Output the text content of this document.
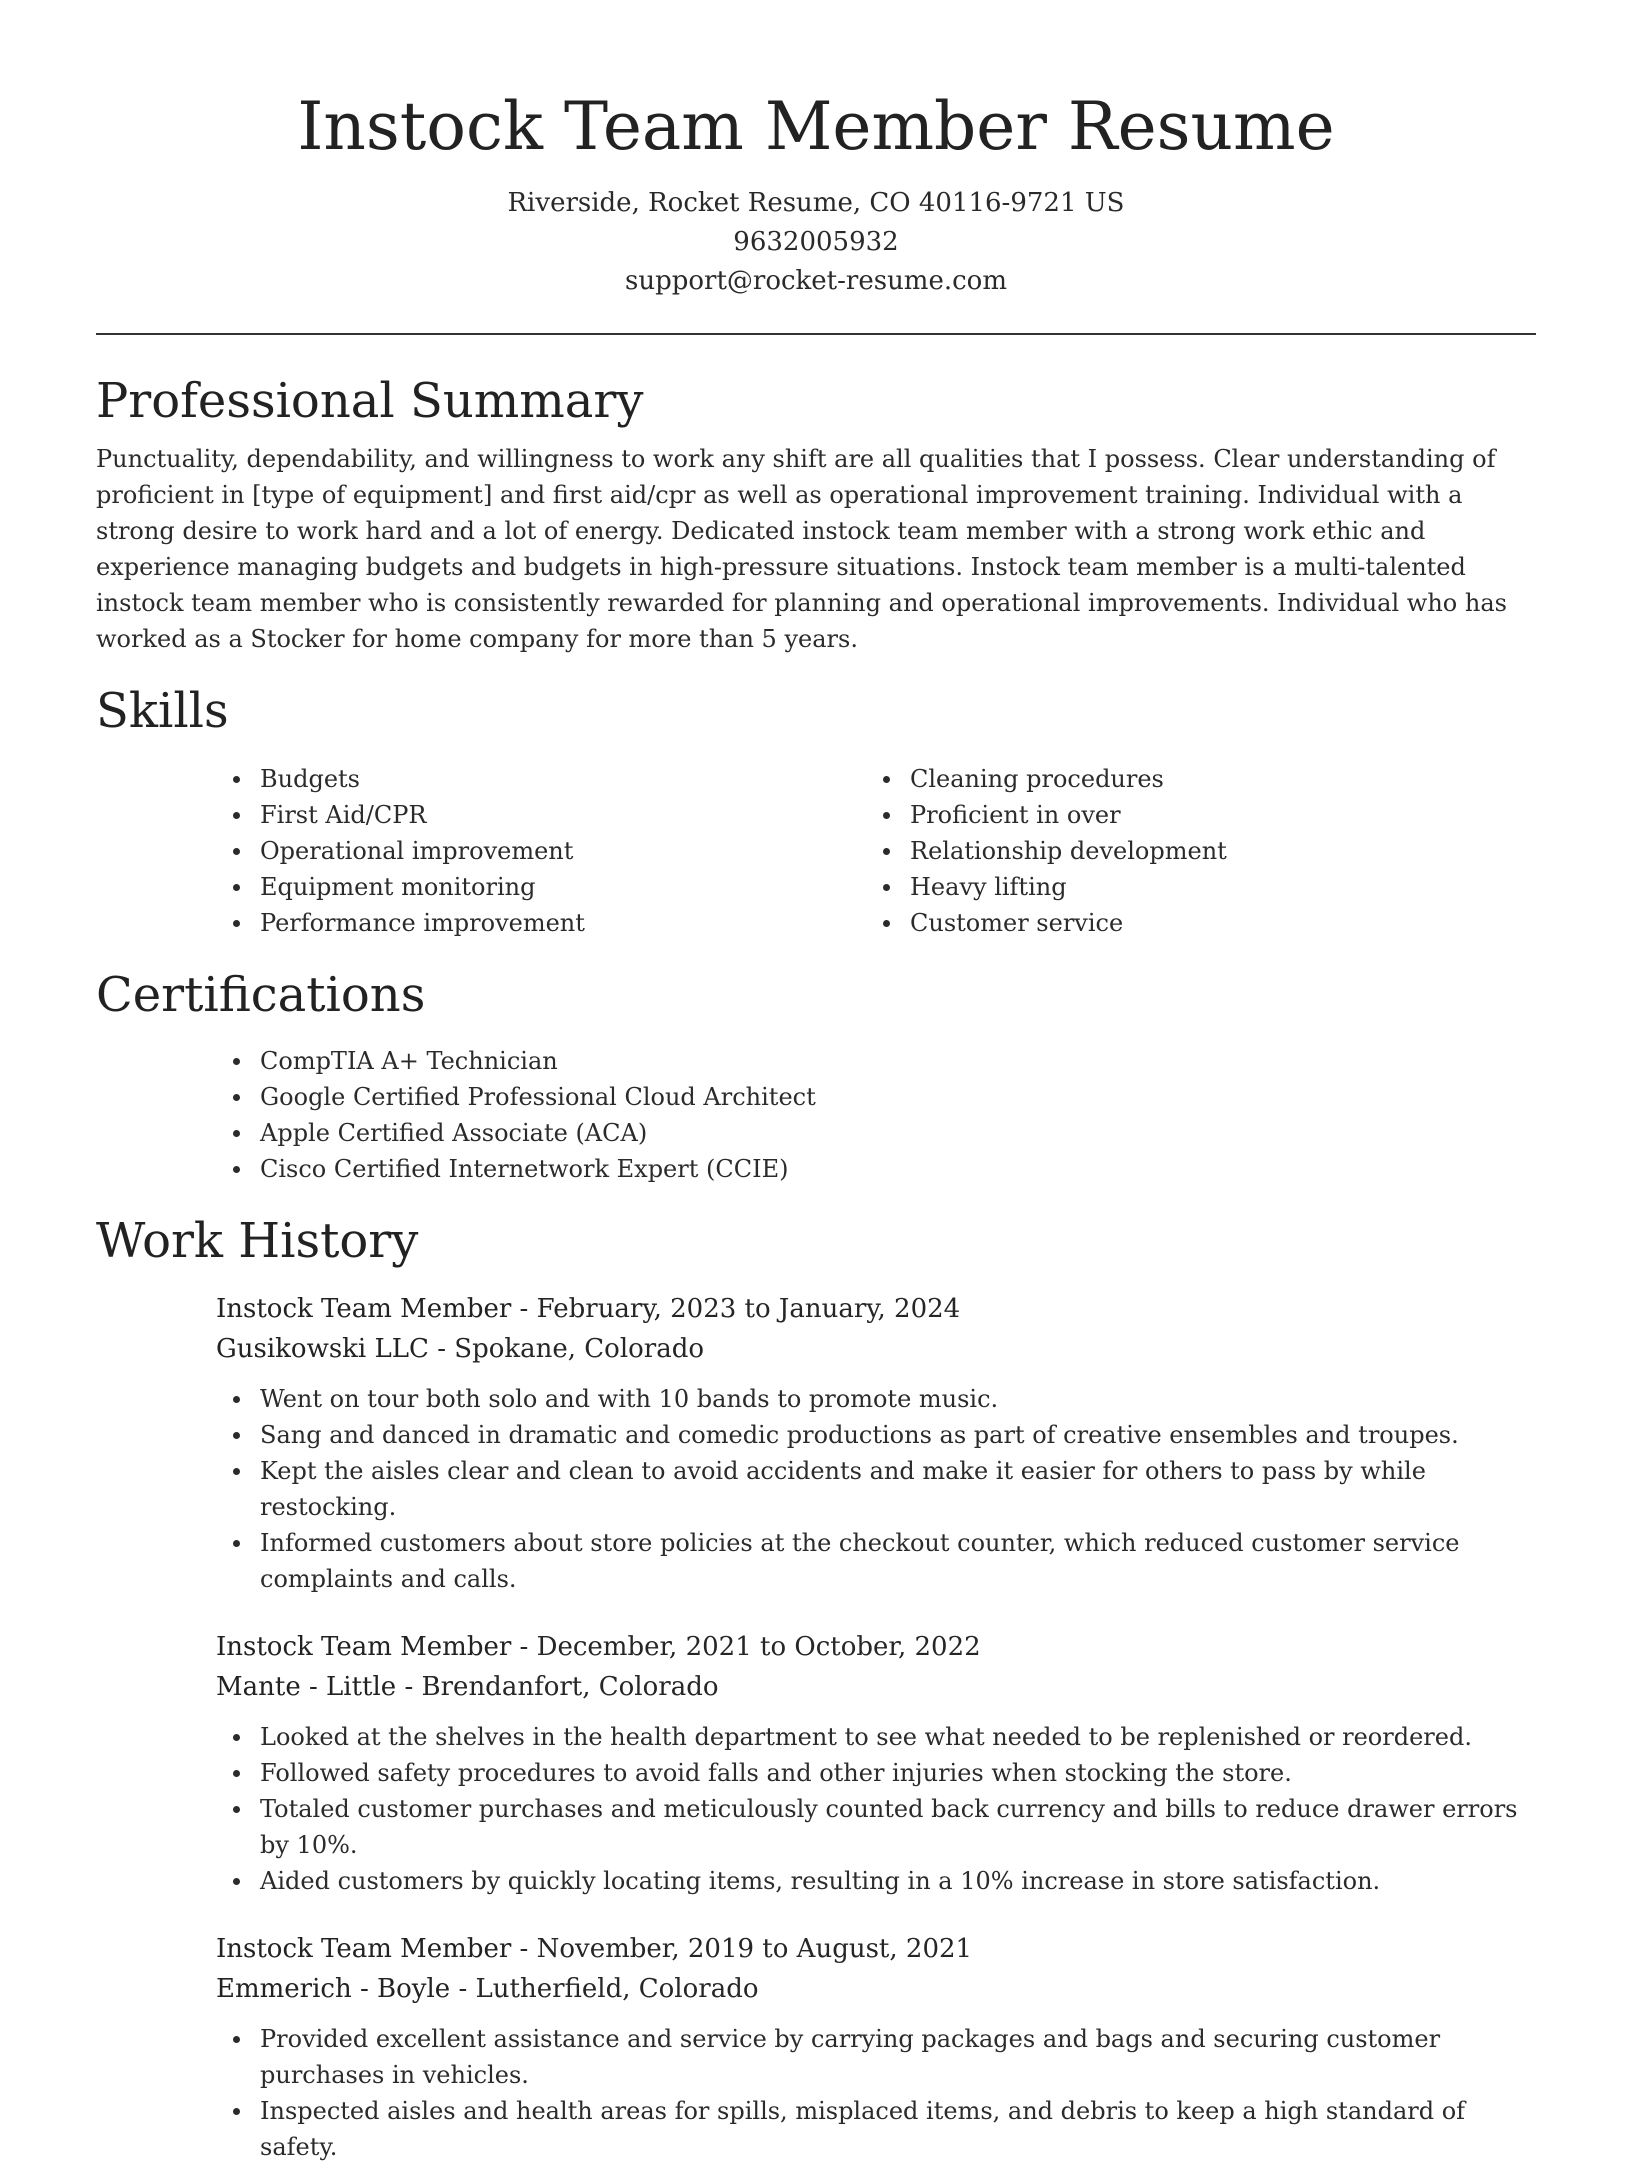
Instock Team Member Resume

Riverside, Rocket Resume, CO 40116-9721 US

9632005932

support@rocket-resume.com

Professional Summary

Punctuality, dependability, and willingness to work any shift are all qualities that I possess. Clear understanding of proficient in [type of equipment] and first aid/cpr as well as operational improvement training. Individual with a strong desire to work hard and a lot of energy. Dedicated instock team member with a strong work ethic and experience managing budgets and budgets in high-pressure situations. Instock team member is a multi-talented instock team member who is consistently rewarded for planning and operational improvements. Individual who has worked as a Stocker for home company for more than 5 years.

Skills
Budgets
First Aid/CPR
Operational improvement
Equipment monitoring
Performance improvement
Cleaning procedures
Proficient in over
Relationship development
Heavy lifting
Customer service
Certifications
CompTIA A+ Technician
Google Certified Professional Cloud Architect
Apple Certified Associate (ACA)
Cisco Certified Internetwork Expert (CCIE)
Work History

Instock Team Member - February, 2023 to January, 2024

Gusikowski LLC - Spokane, Colorado

Went on tour both solo and with 10 bands to promote music.
Sang and danced in dramatic and comedic productions as part of creative ensembles and troupes.
Kept the aisles clear and clean to avoid accidents and make it easier for others to pass by while restocking.
Informed customers about store policies at the checkout counter, which reduced customer service complaints and calls.

Instock Team Member - December, 2021 to October, 2022

Mante - Little - Brendanfort, Colorado

Looked at the shelves in the health department to see what needed to be replenished or reordered.
Followed safety procedures to avoid falls and other injuries when stocking the store.
Totaled customer purchases and meticulously counted back currency and bills to reduce drawer errors by 10%.
Aided customers by quickly locating items, resulting in a 10% increase in store satisfaction.

Instock Team Member - November, 2019 to August, 2021

Emmerich - Boyle - Lutherfield, Colorado

Provided excellent assistance and service by carrying packages and bags and securing customer purchases in vehicles.
Inspected aisles and health areas for spills, misplaced items, and debris to keep a high standard of safety.
